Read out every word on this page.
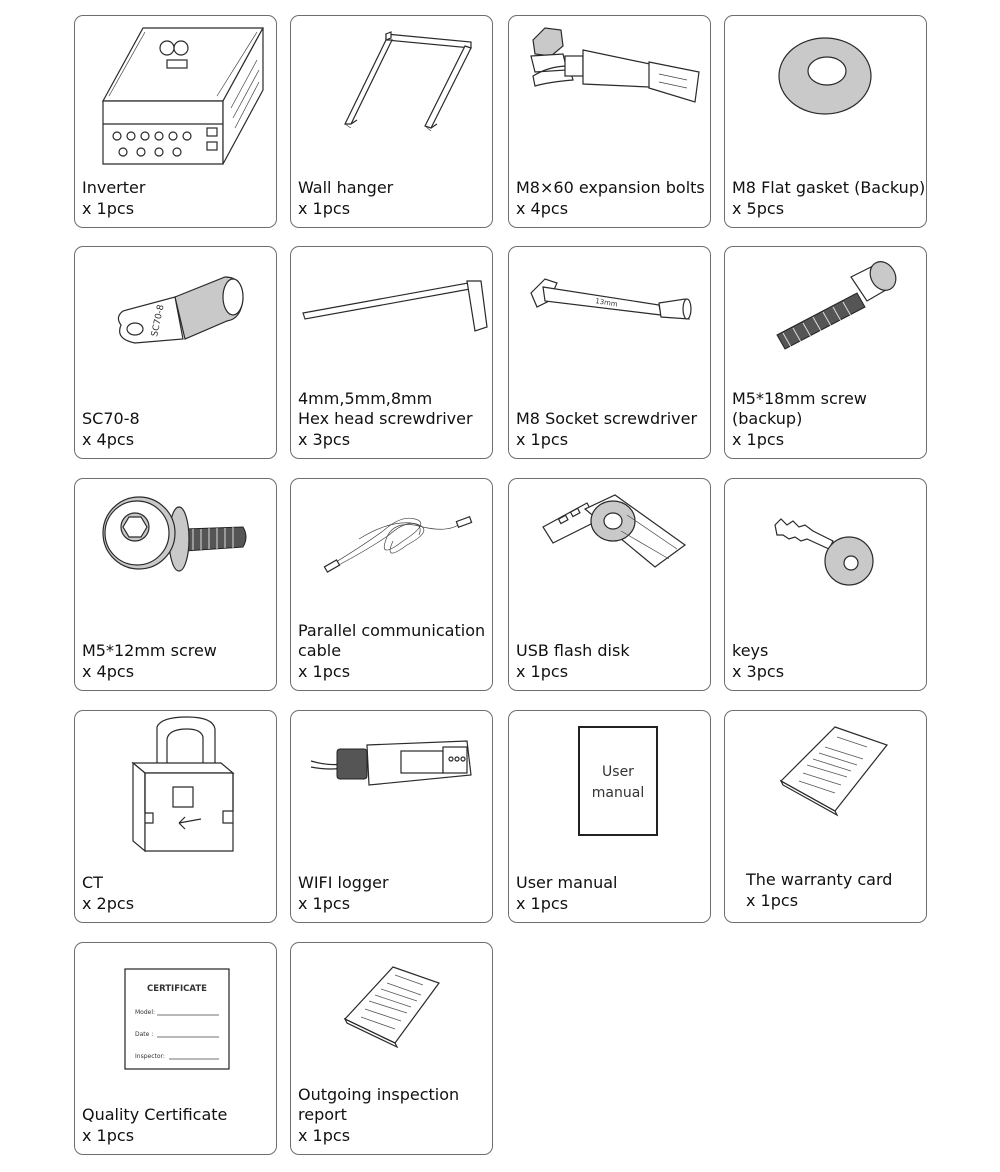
Inverter
x 1pcs
Wall hanger
x 1pcs
M8×60 expansion bolts
x 4pcs
M8 Flat gasket (Backup)
x 5pcs
SC70-8
SC70-8
x 4pcs
4mm,5mm,8mm
Hex head screwdriver
x 3pcs
13mm
M8 Socket screwdriver
x 1pcs
M5*18mm screw
(backup)
x 1pcs
M5*12mm screw
x 4pcs
Parallel communication
cable
x 1pcs
USB flash disk
x 1pcs
keys
x 3pcs
CT
x 2pcs
WIFI logger
x 1pcs
User
manual
User manual
x 1pcs
The warranty card
x 1pcs
CERTIFICATE
Model:
Date :
Inspector:
Quality Certificate
x 1pcs
Outgoing inspection
report
x 1pcs
